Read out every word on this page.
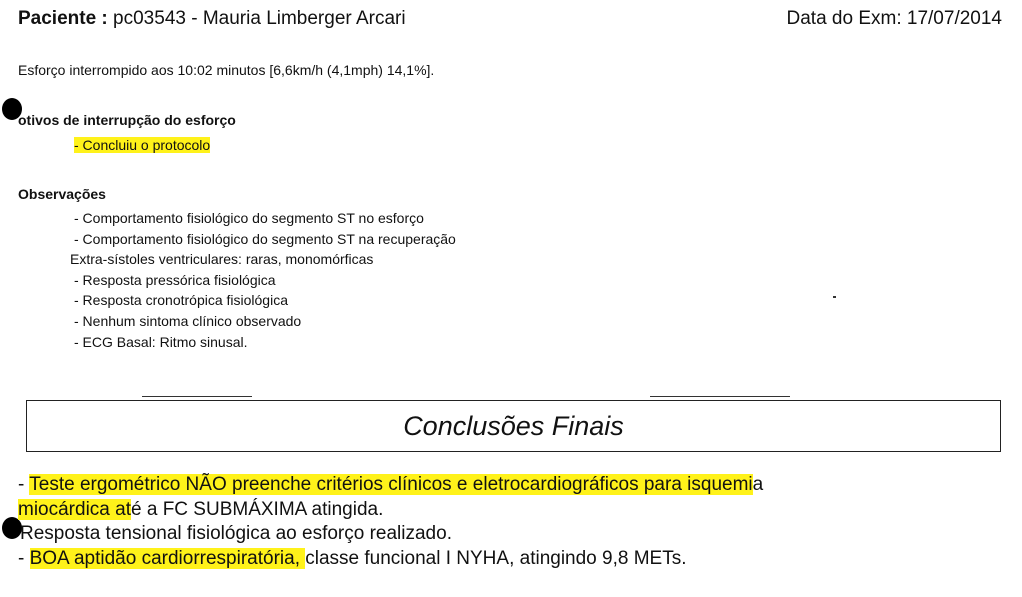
Paciente : pc03543 - Mauria Limberger Arcari	Data do Exm: 17/07/2014
Esforço interrompido aos 10:02 minutos [6,6km/h (4,1mph) 14,1%].
otivos de interrupção do esforço
- Concluiu o protocolo
Observações
- Comportamento fisiológico do segmento ST no esforço
- Comportamento fisiológico do segmento ST na recuperação
Extra-sístoles ventriculares: raras, monomórficas
- Resposta pressórica fisiológica
- Resposta cronotrópica fisiológica
- Nenhum sintoma clínico observado
- ECG Basal: Ritmo sinusal.
Conclusões Finais
- Teste ergométrico NÃO preenche critérios clínicos e eletrocardiográficos para isquemia
miocárdica até a FC SUBMÁXIMA atingida.
Resposta tensional fisiológica ao esforço realizado.
- BOA aptidão cardiorrespiratória, classe funcional I NYHA, atingindo 9,8 METs.
